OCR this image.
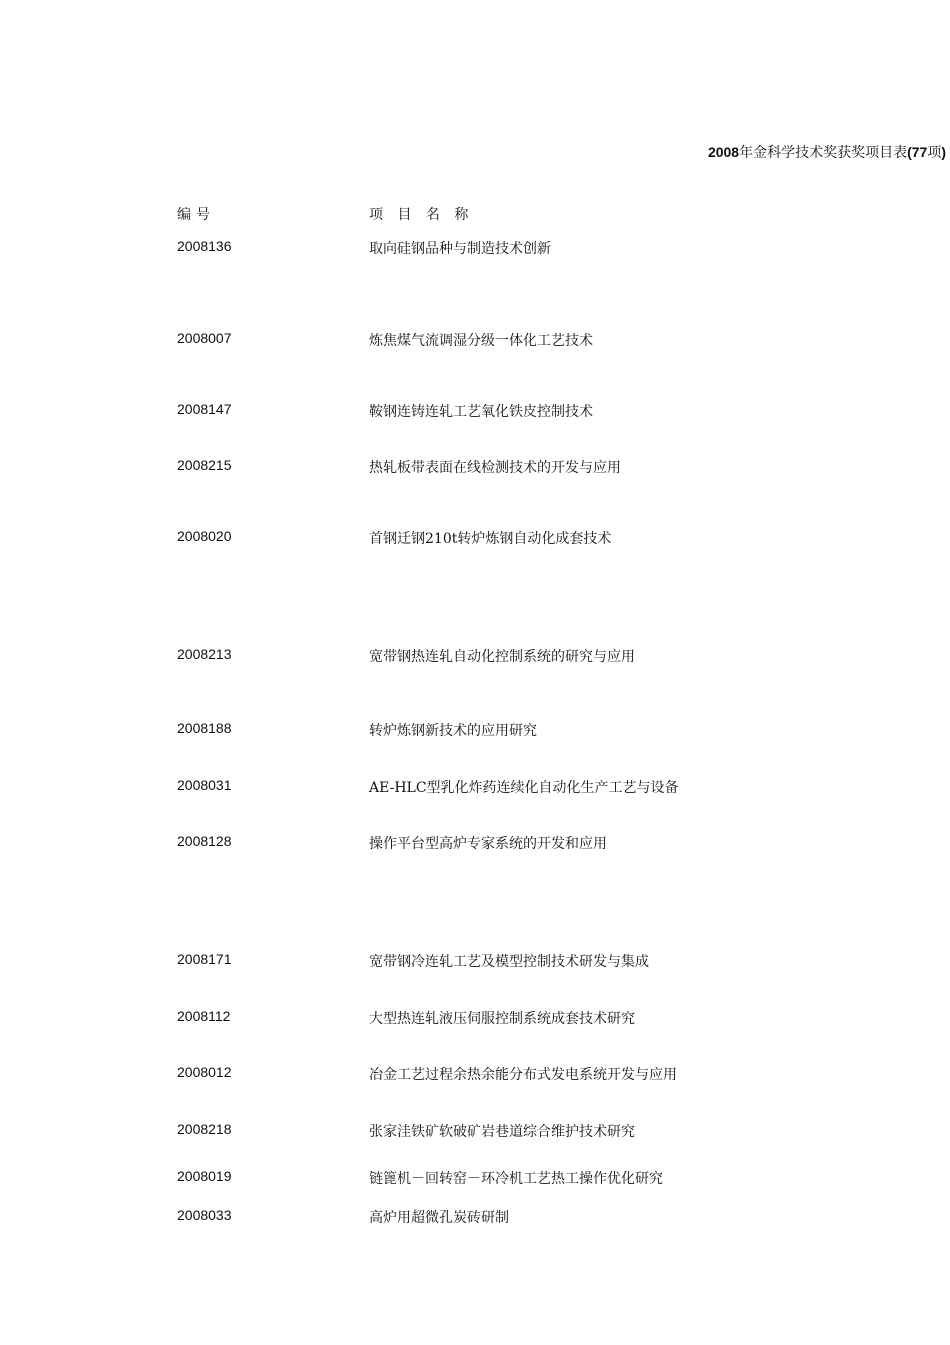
2008年金科学技术奖获奖项目表(77项)
编号	项 目 名 称
2008136	取向硅钢品种与制造技术创新
2008007	炼焦煤气流调湿分级一体化工艺技术
2008147	鞍钢连铸连轧工艺氧化铁皮控制技术
2008215	热轧板带表面在线检测技术的开发与应用
2008020	首钢迁钢210t转炉炼钢自动化成套技术
2008213	宽带钢热连轧自动化控制系统的研究与应用
2008188	转炉炼钢新技术的应用研究
2008031	AE-HLC型乳化炸药连续化自动化生产工艺与设备
2008128	操作平台型高炉专家系统的开发和应用
2008171	宽带钢冷连轧工艺及模型控制技术研发与集成
2008112	大型热连轧液压伺服控制系统成套技术研究
2008012	冶金工艺过程余热余能分布式发电系统开发与应用
2008218	张家洼铁矿软破矿岩巷道综合维护技术研究
2008019	链篦机－回转窑－环冷机工艺热工操作优化研究
2008033	高炉用超微孔炭砖研制
